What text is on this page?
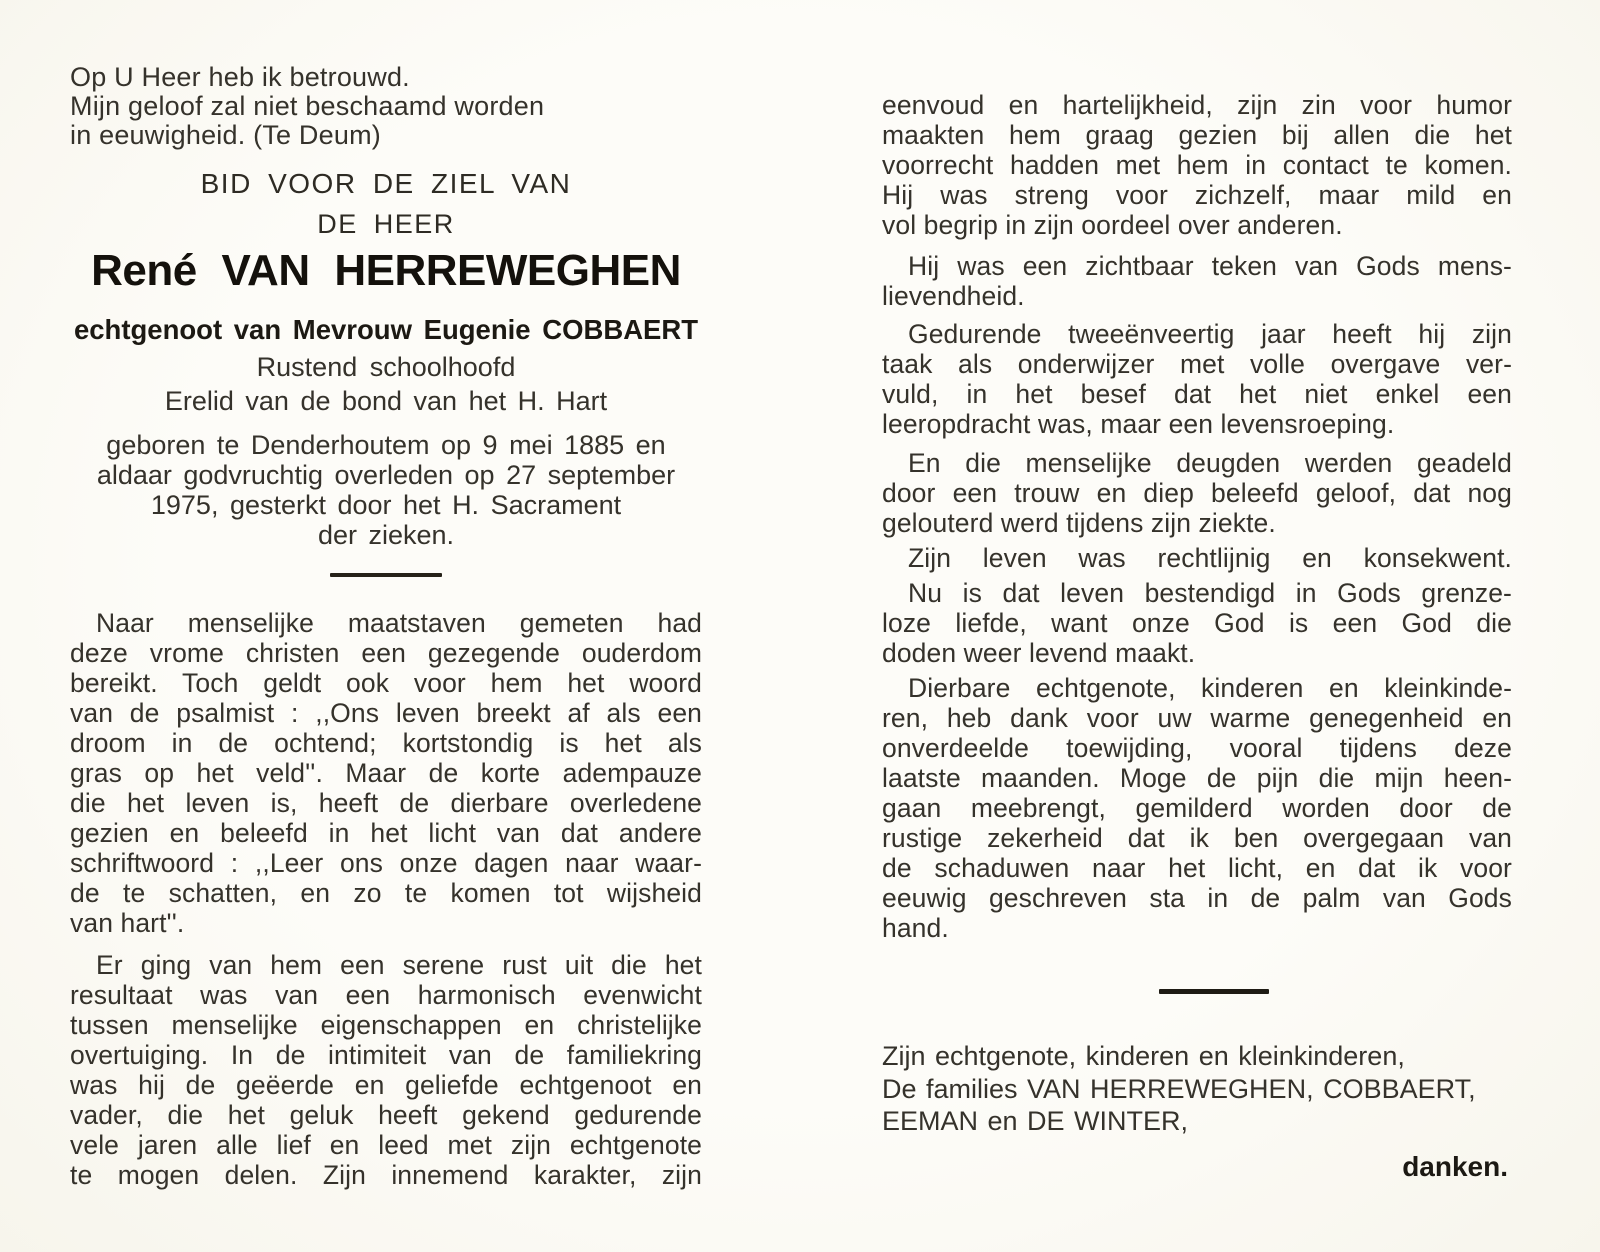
Op U Heer heb ik betrouwd.
Mijn geloof zal niet beschaamd worden
in eeuwigheid. (Te Deum)
BID VOOR DE ZIEL VAN
DE HEER
René VAN HERREWEGHEN
echtgenoot van Mevrouw Eugenie COBBAERT
Rustend schoolhoofd
Erelid van de bond van het H. Hart
geboren te Denderhoutem op 9 mei 1885 en
aldaar godvruchtig overleden op 27 september
1975, gesterkt door het H. Sacrament
der zieken.
Naar menselijke maatstaven gemeten had
deze vrome christen een gezegende ouderdom
bereikt. Toch geldt ook voor hem het woord
van de psalmist : ,,Ons leven breekt af als een
droom in de ochtend; kortstondig is het als
gras op het veld''. Maar de korte adempauze
die het leven is, heeft de dierbare overledene
gezien en beleefd in het licht van dat andere
schriftwoord : ,,Leer ons onze dagen naar waar-
de te schatten, en zo te komen tot wijsheid
van hart''.
Er ging van hem een serene rust uit die het
resultaat was van een harmonisch evenwicht
tussen menselijke eigenschappen en christelijke
overtuiging. In de intimiteit van de familiekring
was hij de geëerde en geliefde echtgenoot en
vader, die het geluk heeft gekend gedurende
vele jaren alle lief en leed met zijn echtgenote
te mogen delen. Zijn innemend karakter, zijn
eenvoud en hartelijkheid, zijn zin voor humor
maakten hem graag gezien bij allen die het
voorrecht hadden met hem in contact te komen.
Hij was streng voor zichzelf, maar mild en
vol begrip in zijn oordeel over anderen.
Hij was een zichtbaar teken van Gods mens-
lievendheid.
Gedurende tweeënveertig jaar heeft hij zijn
taak als onderwijzer met volle overgave ver-
vuld, in het besef dat het niet enkel een
leeropdracht was, maar een levensroeping.
En die menselijke deugden werden geadeld
door een trouw en diep beleefd geloof, dat nog
gelouterd werd tijdens zijn ziekte.
Zijn leven was rechtlijnig en konsekwent.
Nu is dat leven bestendigd in Gods grenze-
loze liefde, want onze God is een God die
doden weer levend maakt.
Dierbare echtgenote, kinderen en kleinkinde-
ren, heb dank voor uw warme genegenheid en
onverdeelde toewijding, vooral tijdens deze
laatste maanden. Moge de pijn die mijn heen-
gaan meebrengt, gemilderd worden door de
rustige zekerheid dat ik ben overgegaan van
de schaduwen naar het licht, en dat ik voor
eeuwig geschreven sta in de palm van Gods
hand.
Zijn echtgenote, kinderen en kleinkinderen,
De families VAN HERREWEGHEN, COBBAERT,
EEMAN en DE WINTER,
danken.
